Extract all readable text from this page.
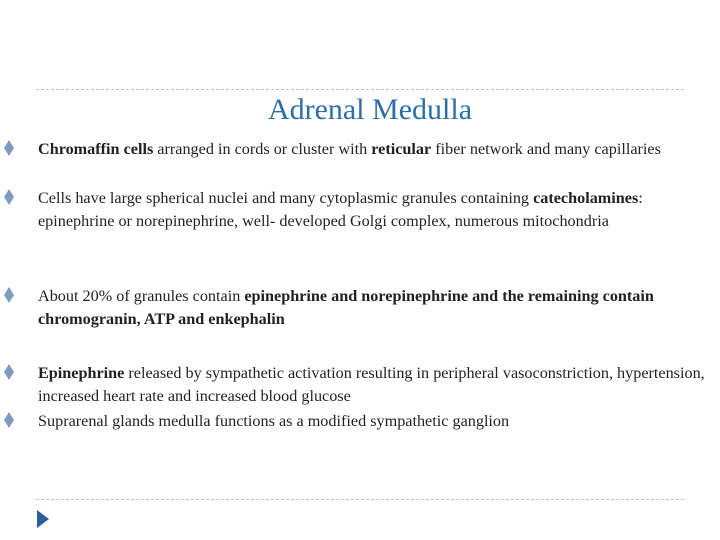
Adrenal Medulla
Chromaffin cells arranged in cords or cluster with reticular fiber network and many capillaries
Cells have large spherical nuclei and many cytoplasmic granules containing catecholamines: epinephrine or norepinephrine, well- developed Golgi complex, numerous mitochondria
About 20% of granules contain epinephrine and norepinephrine and the remaining contain chromogranin, ATP and enkephalin
Epinephrine released by sympathetic activation resulting in peripheral vasoconstriction, hypertension, increased heart rate and increased blood glucose
Suprarenal glands medulla functions as a modified sympathetic ganglion
